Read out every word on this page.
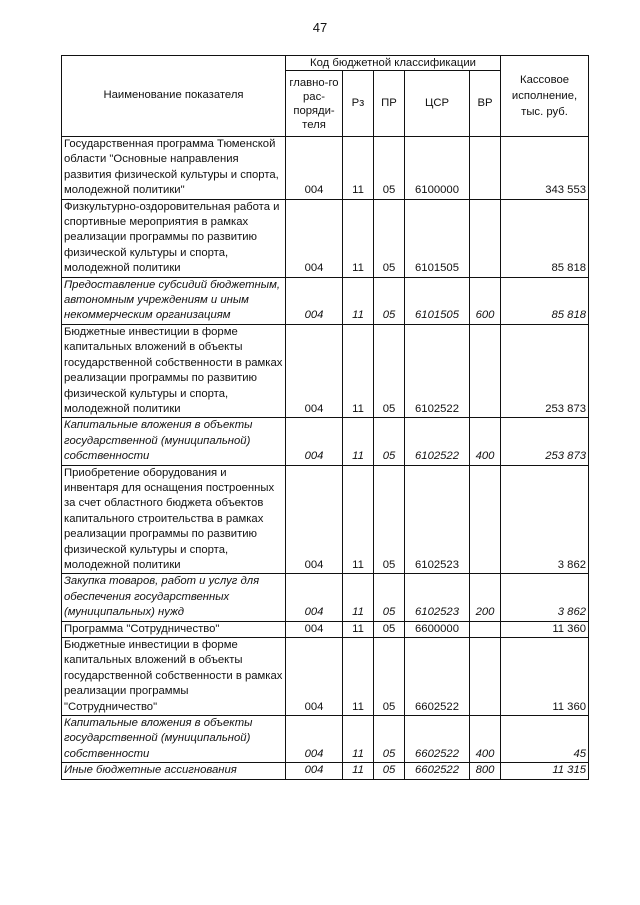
47
Наименование показателя	Код бюджетной классификации					Кассовое исполнение, тыс. руб.
	главно-го рас-поряди-теля	Рз	ПР	ЦСР	ВР	
Государственная программа Тюменской области "Основные направления развития физической культуры и спорта, молодежной политики"	004	11	05	6100000		343 553
Физкультурно-оздоровительная работа и спортивные мероприятия в рамках реализации программы по развитию физической культуры и спорта, молодежной политики	004	11	05	6101505		85 818
Предоставление субсидий бюджетным, автономным учреждениям и иным некоммерческим организациям	004	11	05	6101505	600	85 818
Бюджетные инвестиции в форме капитальных вложений в объекты государственной собственности в рамках реализации программы по развитию физической культуры и спорта, молодежной политики	004	11	05	6102522		253 873
Капитальные вложения в объекты государственной (муниципальной) собственности	004	11	05	6102522	400	253 873
Приобретение оборудования и инвентаря для оснащения построенных за счет областного бюджета объектов капитального строительства в рамках реализации программы по развитию физической культуры и спорта, молодежной политики	004	11	05	6102523		3 862
Закупка товаров, работ и услуг для обеспечения государственных (муниципальных) нужд	004	11	05	6102523	200	3 862
Программа "Сотрудничество"	004	11	05	6600000		11 360
Бюджетные инвестиции в форме капитальных вложений в объекты государственной собственности в рамках реализации программы "Сотрудничество"	004	11	05	6602522		11 360
Капитальные вложения в объекты государственной (муниципальной) собственности	004	11	05	6602522	400	45
Иные бюджетные ассигнования	004	11	05	6602522	800	11 315
